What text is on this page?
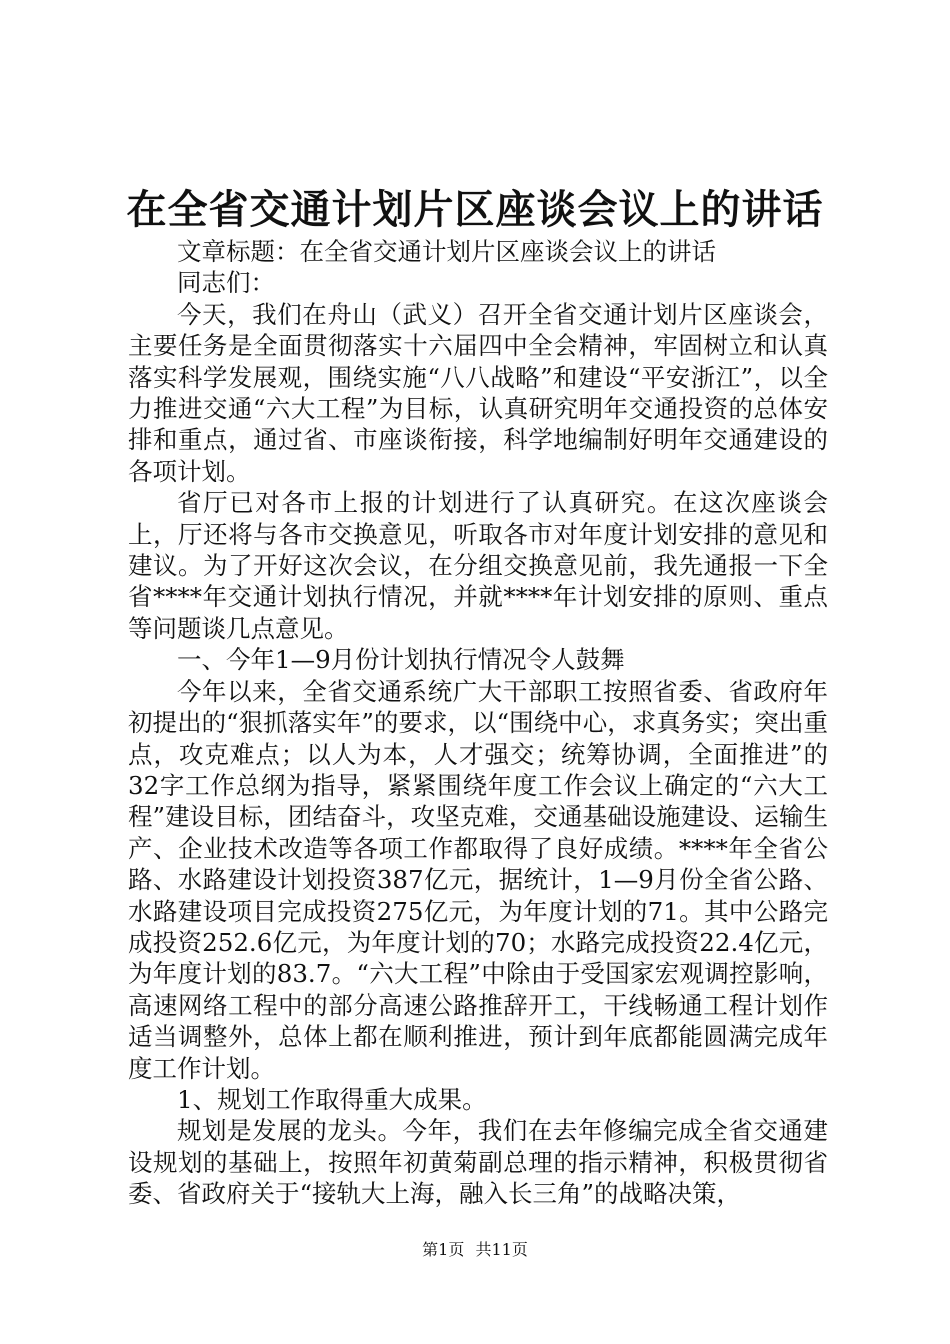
在全省交通计划片区座谈会议上的讲话

文章标题：在全省交通计划片区座谈会议上的讲话

同志们：

今天，我们在舟山（武义）召开全省交通计划片区座谈会，主要任务是全面贯彻落实十六届四中全会精神，牢固树立和认真落实科学发展观，围绕实施“八八战略”和建设“平安浙江”，以全力推进交通“六大工程”为目标，认真研究明年交通投资的总体安排和重点，通过省、市座谈衔接，科学地编制好明年交通建设的各项计划。

省厅已对各市上报的计划进行了认真研究。在这次座谈会上，厅还将与各市交换意见，听取各市对年度计划安排的意见和建议。为了开好这次会议，在分组交换意见前，我先通报一下全省****年交通计划执行情况，并就****年计划安排的原则、重点等问题谈几点意见。

一、今年1—9月份计划执行情况令人鼓舞

今年以来，全省交通系统广大干部职工按照省委、省政府年初提出的“狠抓落实年”的要求，以“围绕中心，求真务实；突出重点，攻克难点；以人为本，人才强交；统筹协调，全面推进”的32字工作总纲为指导，紧紧围绕年度工作会议上确定的“六大工程”建设目标，团结奋斗，攻坚克难，交通基础设施建设、运输生产、企业技术改造等各项工作都取得了良好成绩。****年全省公路、水路建设计划投资387亿元，据统计，1—9月份全省公路、水路建设项目完成投资275亿元，为年度计划的71。其中公路完成投资252.6亿元，为年度计划的70；水路完成投资22.4亿元，为年度计划的83.7。“六大工程”中除由于受国家宏观调控影响，高速网络工程中的部分高速公路推辞开工，干线畅通工程计划作适当调整外，总体上都在顺利推进，预计到年底都能圆满完成年度工作计划。

1、规划工作取得重大成果。

规划是发展的龙头。今年，我们在去年修编完成全省交通建设规划的基础上，按照年初黄菊副总理的指示精神，积极贯彻省委、省政府关于“接轨大上海，融入长三角”的战略决策，

第1页 共11页
